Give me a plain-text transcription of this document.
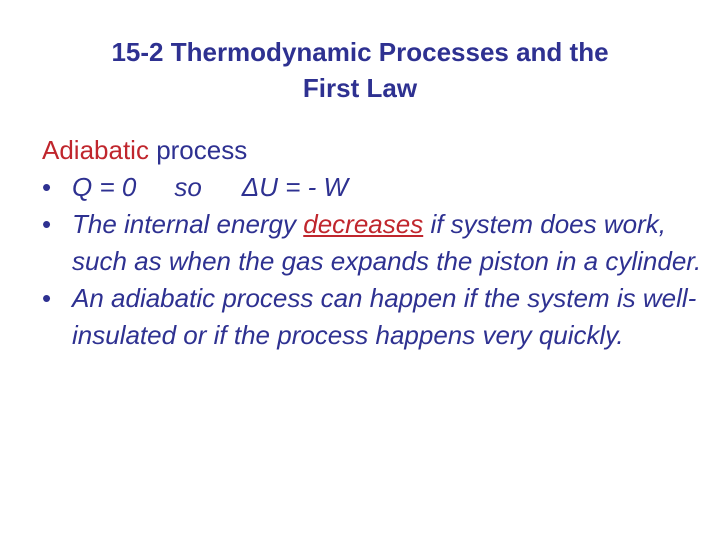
15-2 Thermodynamic Processes and the
First Law

Adiabatic process

• Q = 0 so ΔU = - W
• The internal energy decreases if system does work, such as when the gas expands the piston in a cylinder.
• An adiabatic process can happen if the system is well-insulated or if the process happens very quickly.
